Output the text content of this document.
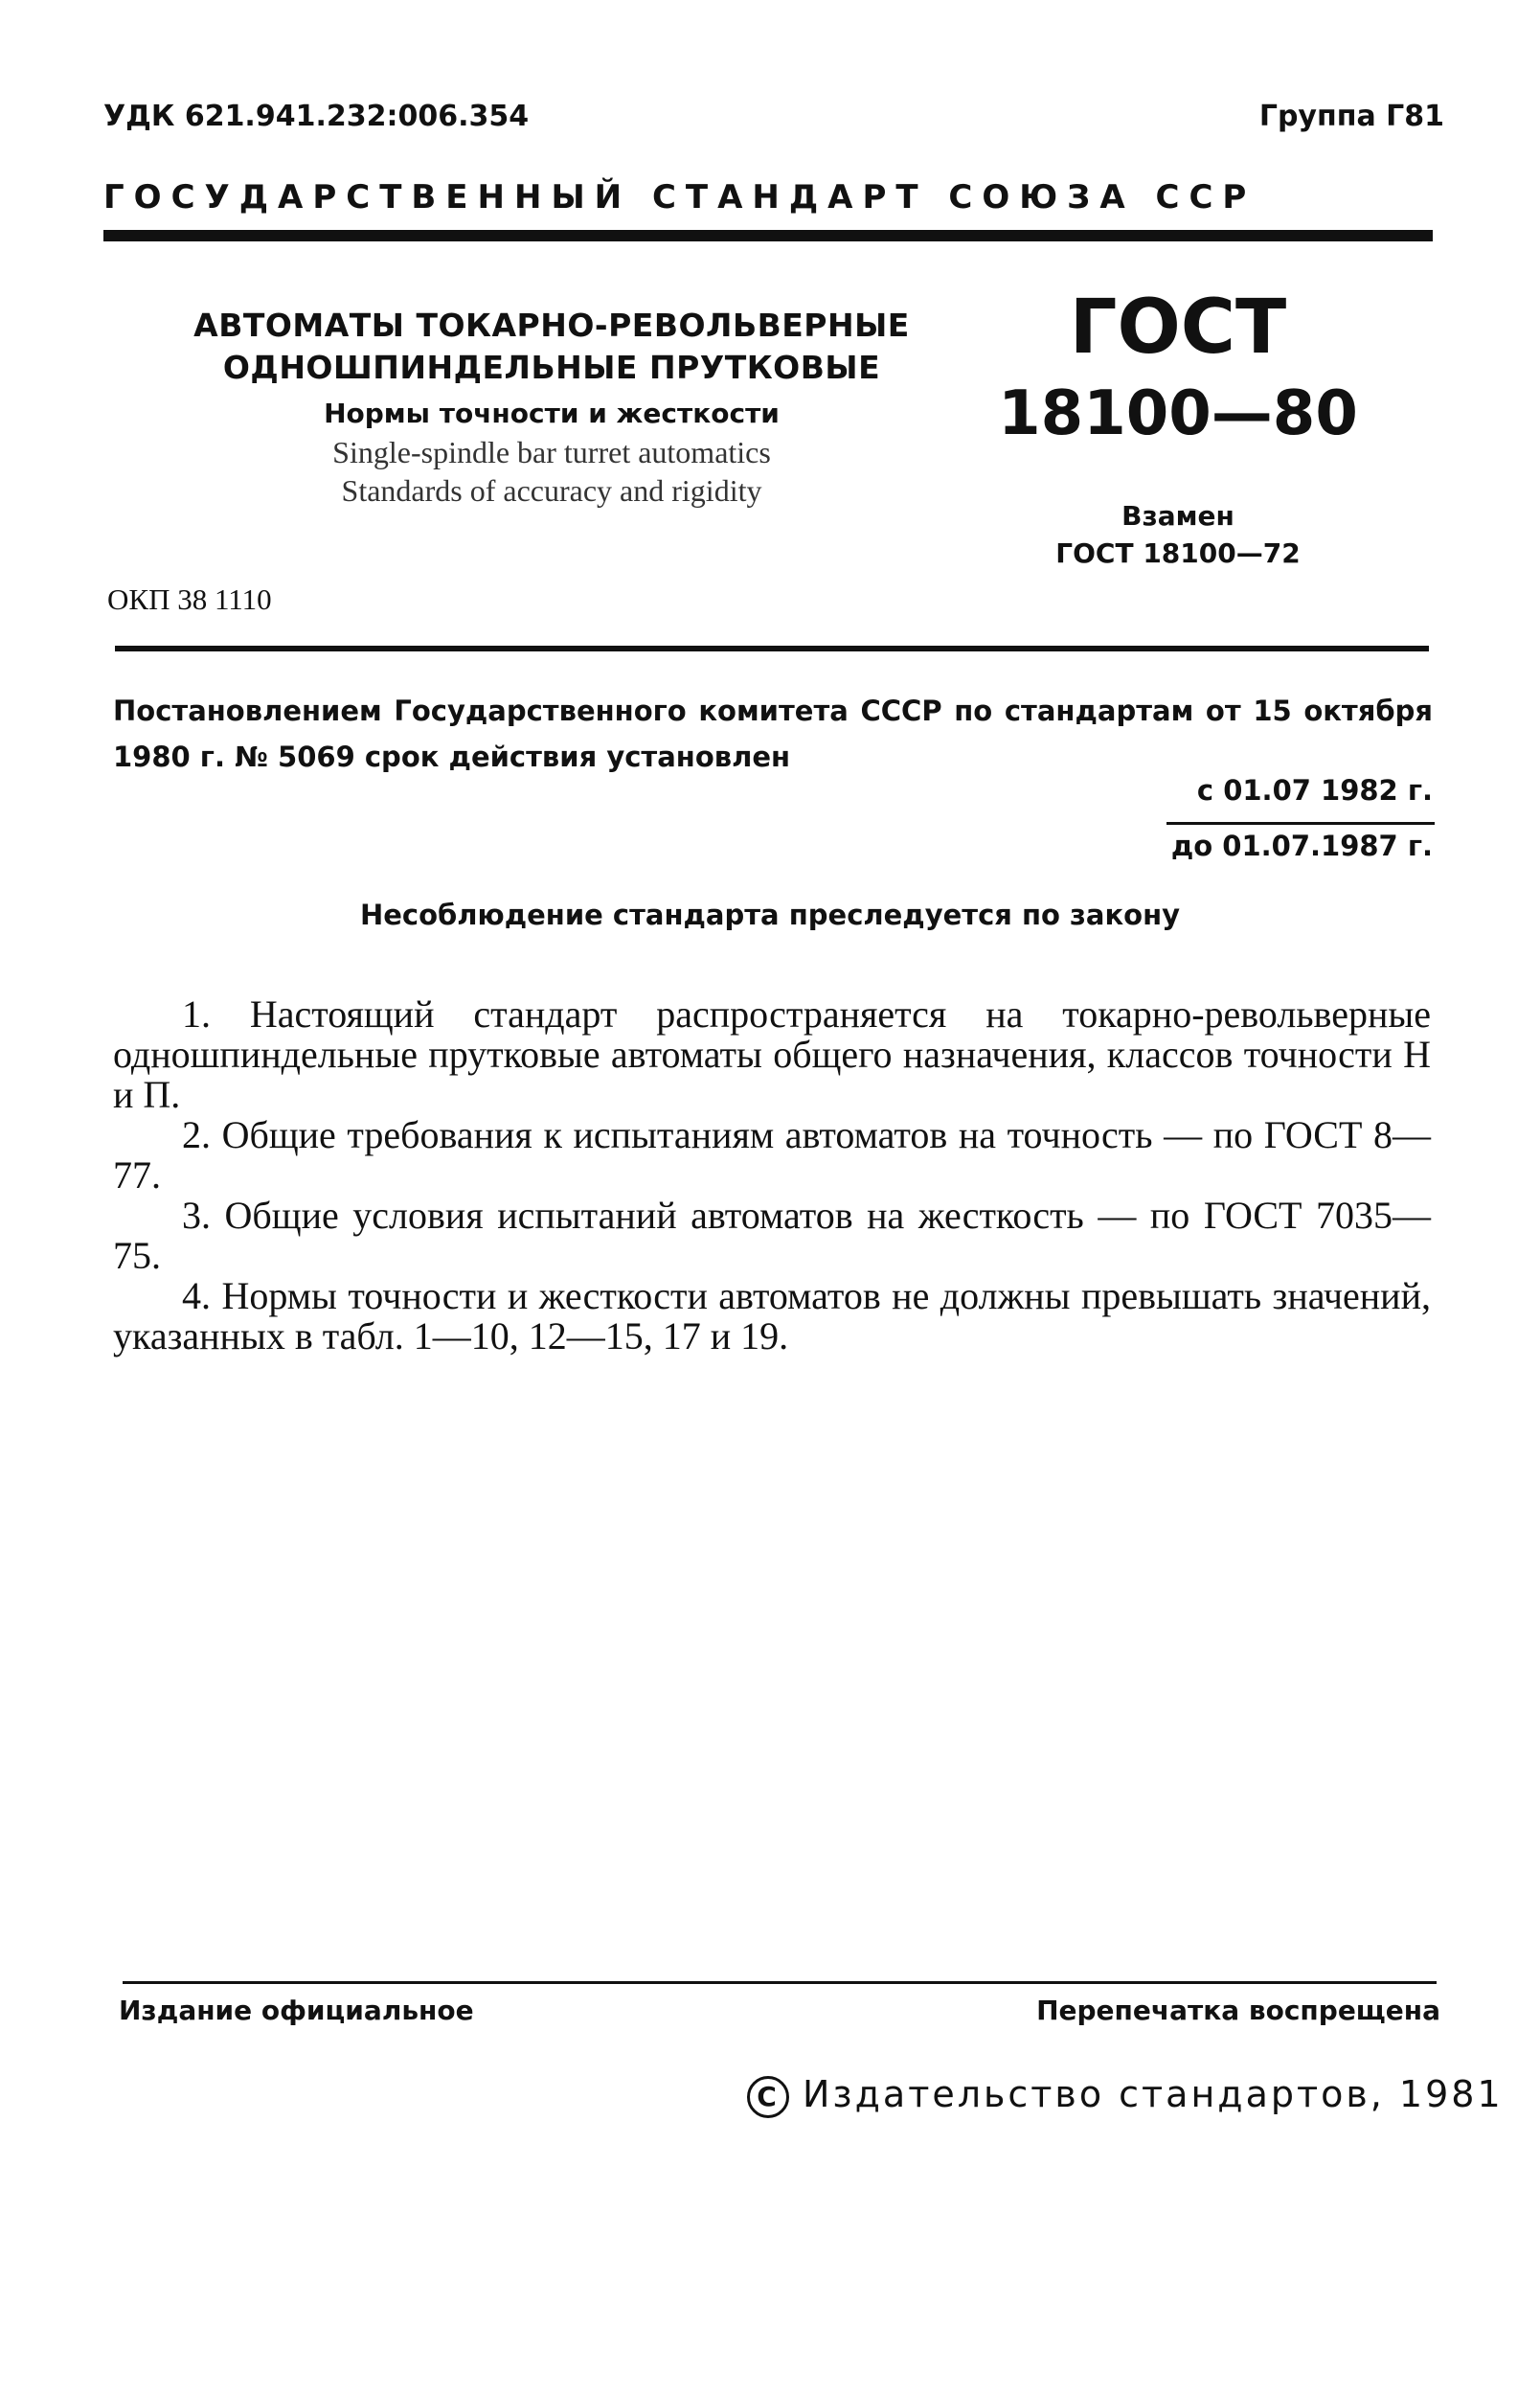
УДК 621.941.232:006.354	Группа Г81
ГОСУДАРСТВЕННЫЙ СТАНДАРТ СОЮЗА ССР
АВТОМАТЫ ТОКАРНО-РЕВОЛЬВЕРНЫЕ
ОДНОШПИНДЕЛЬНЫЕ ПРУТКОВЫЕ
Нормы точности и жесткости
Single-spindle bar turret automatics
Standards of accuracy and rigidity
ГОСТ
18100—80
Взамен
ГОСТ 18100—72
ОКП 38 1110
Постановлением Государственного комитета СССР по стандартам от 15 октября 1980 г. № 5069 срок действия установлен
с 01.07 1982 г.
до 01.07.1987 г.
Несоблюдение стандарта преследуется по закону

1. Настоящий стандарт распространяется на токарно-револьверные одношпиндельные прутковые автоматы общего назначения, классов точности Н и П.

2. Общие требования к испытаниям автоматов на точность — по ГОСТ 8—77.

3. Общие условия испытаний автоматов на жесткость — по ГОСТ 7035—75.

4. Нормы точности и жесткости автоматов не должны превышать значений, указанных в табл. 1—10, 12—15, 17 и 19.

Издание официальное	Перепечатка воспрещена
C Издательство стандартов, 1981
